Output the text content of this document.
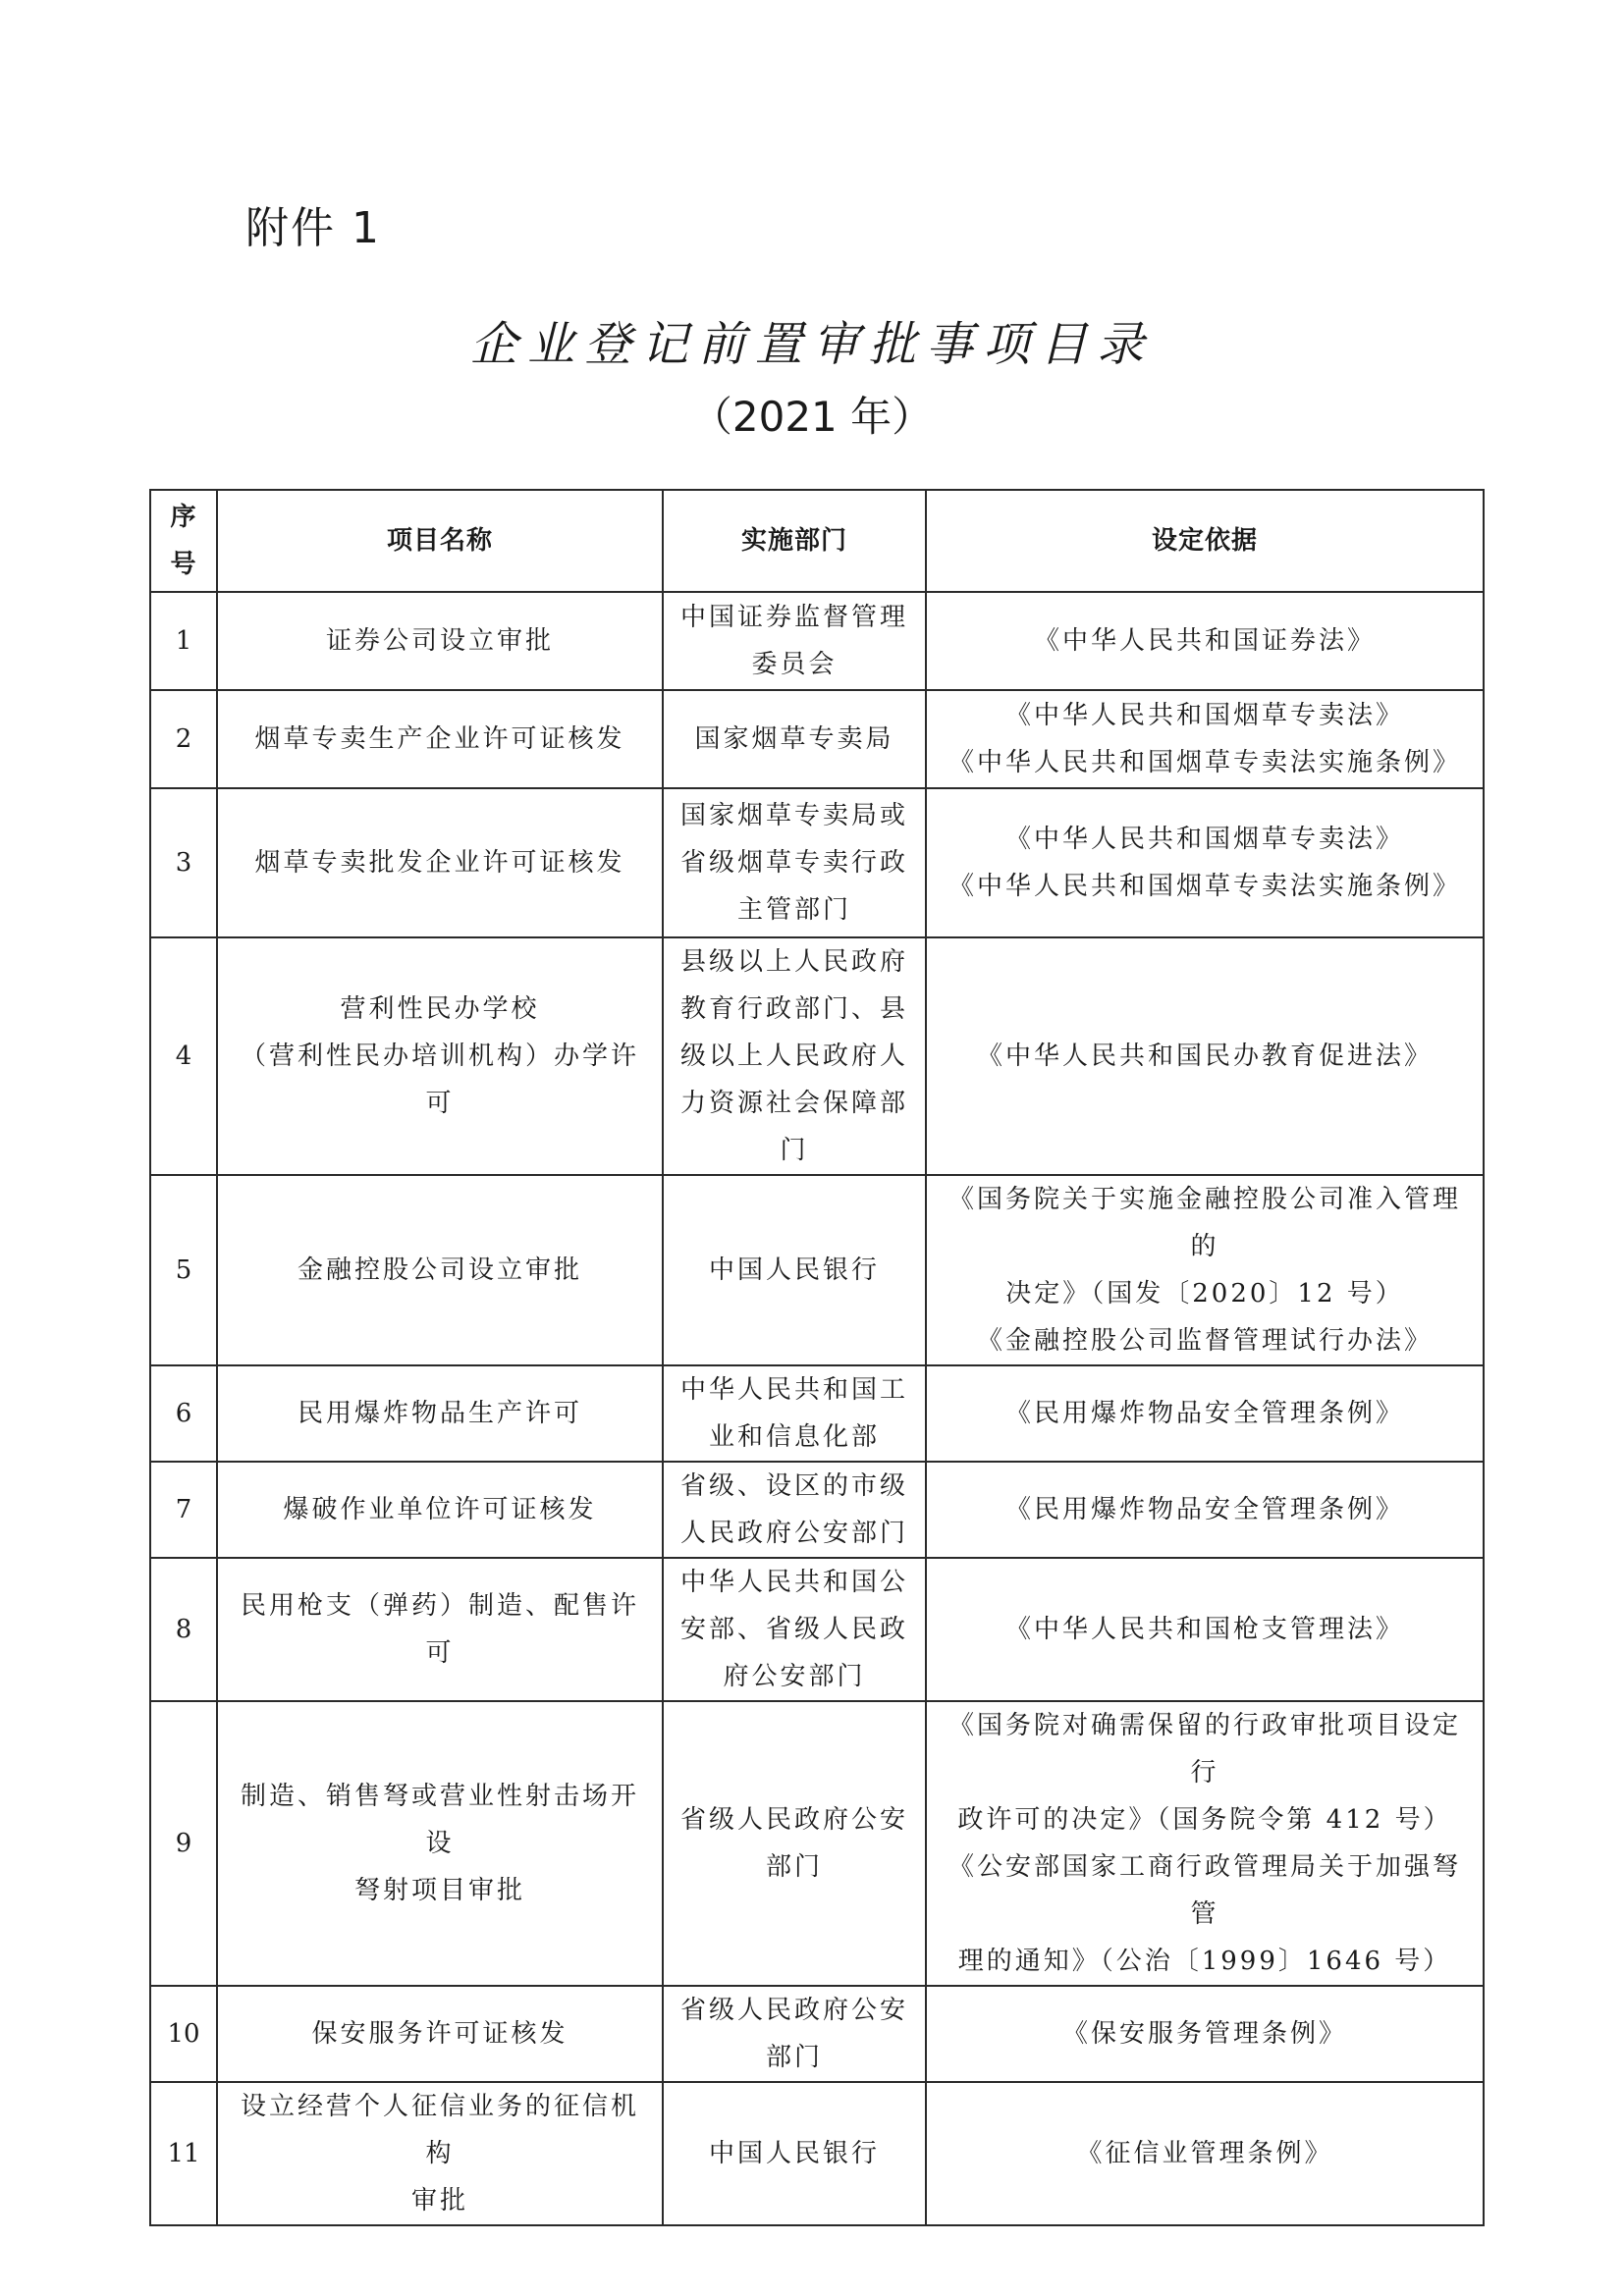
附件 1
企业登记前置审批事项目录
（2021 年）
序
号	项目名称	实施部门	设定依据
1	证券公司设立审批	中国证券监督管理
委员会	《中华人民共和国证券法》

2	烟草专卖生产企业许可证核发	国家烟草专卖局	《中华人民共和国烟草专卖法》
《中华人民共和国烟草专卖法实施条例》

3	烟草专卖批发企业许可证核发	国家烟草专卖局或
省级烟草专卖行政
主管部门	《中华人民共和国烟草专卖法》
《中华人民共和国烟草专卖法实施条例》

4	营利性民办学校
（营利性民办培训机构）办学许可	县级以上人民政府
教育行政部门、县
级以上人民政府人
力资源社会保障部
门	《中华人民共和国民办教育促进法》

5	金融控股公司设立审批	中国人民银行	《国务院关于实施金融控股公司准入管理的
决定》（国发〔2020〕12 号）
《金融控股公司监督管理试行办法》

6	民用爆炸物品生产许可	中华人民共和国工
业和信息化部	《民用爆炸物品安全管理条例》

7	爆破作业单位许可证核发	省级、设区的市级
人民政府公安部门	《民用爆炸物品安全管理条例》

8	民用枪支（弹药）制造、配售许可	中华人民共和国公
安部、省级人民政
府公安部门	《中华人民共和国枪支管理法》

9	制造、销售弩或营业性射击场开设
弩射项目审批	省级人民政府公安
部门	《国务院对确需保留的行政审批项目设定行
政许可的决定》（国务院令第 412 号）
《公安部国家工商行政管理局关于加强弩管
理的通知》（公治〔1999〕1646 号）

10	保安服务许可证核发	省级人民政府公安
部门	《保安服务管理条例》

11	设立经营个人征信业务的征信机构
审批	中国人民银行	《征信业管理条例》
